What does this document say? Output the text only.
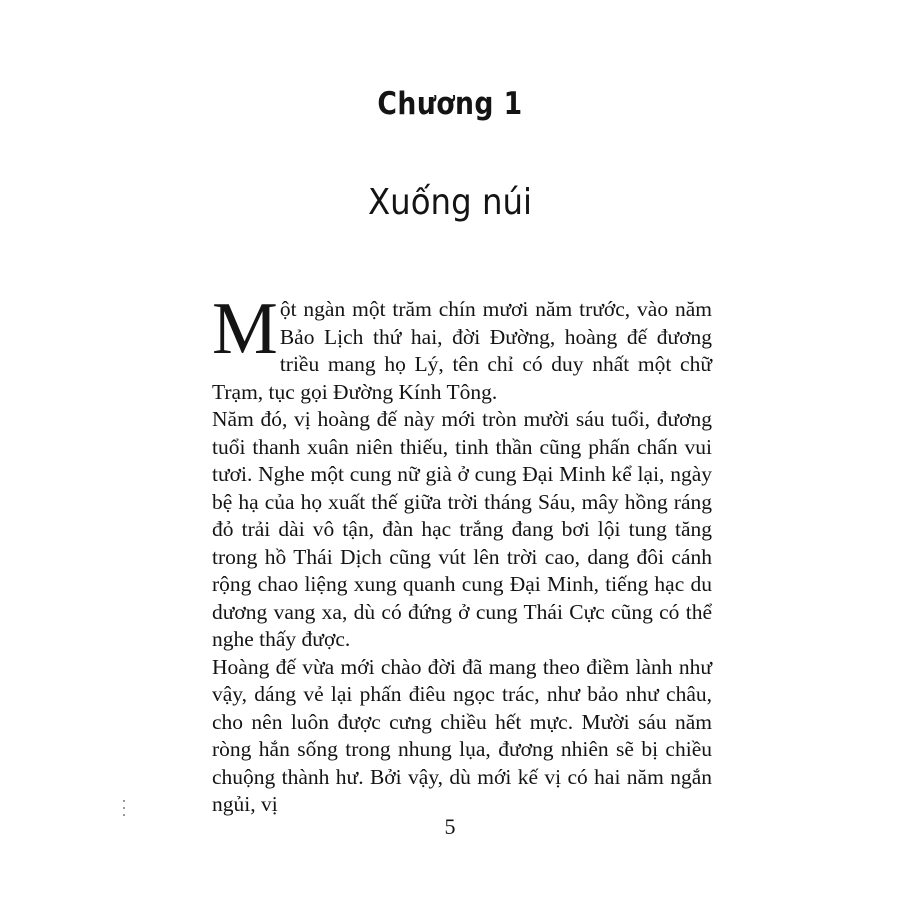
Chương 1
Xuống núi

Một ngàn một trăm chín mươi năm trước, vào năm Bảo Lịch thứ hai, đời Đường, hoàng đế đương triều mang họ Lý, tên chỉ có duy nhất một chữ Trạm, tục gọi Đường Kính Tông.

Năm đó, vị hoàng đế này mới tròn mười sáu tuổi, đương tuổi thanh xuân niên thiếu, tinh thần cũng phấn chấn vui tươi. Nghe một cung nữ già ở cung Đại Minh kể lại, ngày bệ hạ của họ xuất thế giữa trời tháng Sáu, mây hồng ráng đỏ trải dài vô tận, đàn hạc trắng đang bơi lội tung tăng trong hồ Thái Dịch cũng vút lên trời cao, dang đôi cánh rộng chao liệng xung quanh cung Đại Minh, tiếng hạc du dương vang xa, dù có đứng ở cung Thái Cực cũng có thể nghe thấy được.

Hoàng đế vừa mới chào đời đã mang theo điềm lành như vậy, dáng vẻ lại phấn điêu ngọc trác, như bảo như châu, cho nên luôn được cưng chiều hết mực. Mười sáu năm ròng hắn sống trong nhung lụa, đương nhiên sẽ bị chiều chuộng thành hư. Bởi vậy, dù mới kế vị có hai năm ngắn ngủi, vị

5
